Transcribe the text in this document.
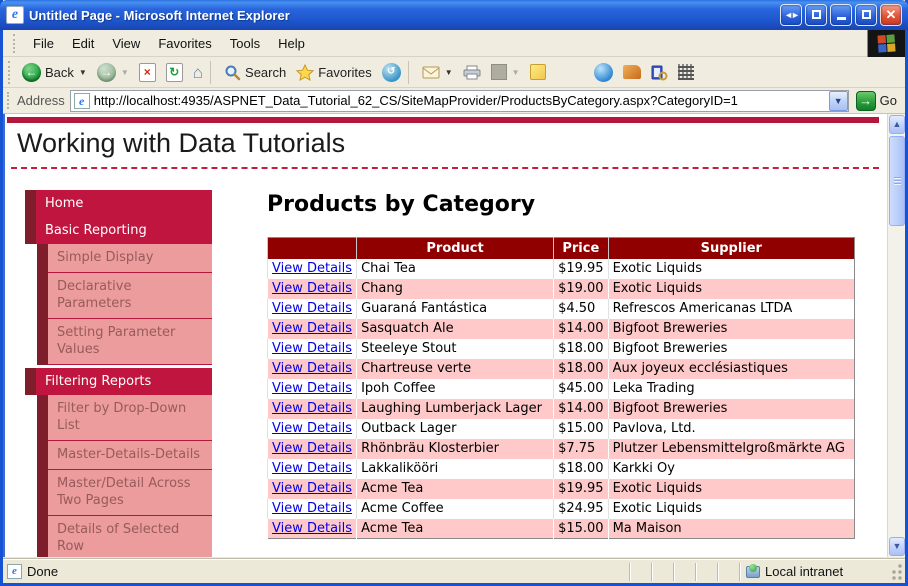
e Untitled Page - Microsoft Internet Explorer	◄►	✕
File	Edit	View	Favorites	Tools	Help
← Back ▼ →	▼	×	↻ ⌂	Search Favorites	↺	▼	▼
Address	e
http://localhost:4935/ASPNET_Data_Tutorial_62_CS/SiteMapProvider/ProductsByCategory.aspx?CategoryID=1	▼	→ Go
Working with Data Tutorials
Home
Basic Reporting
Simple Display
Declarative Parameters
Setting Parameter Values
Filtering Reports
Filter by Drop-Down List
Master-Details-Details
Master/Detail Across Two Pages
Details of Selected Row
Products by Category
	Product	Price	Supplier
View Details	Chai Tea	$19.95	Exotic Liquids
View Details	Chang	$19.00	Exotic Liquids
View Details	Guaraná Fantástica	$4.50	Refrescos Americanas LTDA
View Details	Sasquatch Ale	$14.00	Bigfoot Breweries
View Details	Steeleye Stout	$18.00	Bigfoot Breweries
View Details	Chartreuse verte	$18.00	Aux joyeux ecclésiastiques
View Details	Ipoh Coffee	$45.00	Leka Trading
View Details	Laughing Lumberjack Lager	$14.00	Bigfoot Breweries
View Details	Outback Lager	$15.00	Pavlova, Ltd.
View Details	Rhönbräu Klosterbier	$7.75	Plutzer Lebensmittelgroßmärkte AG
View Details	Lakkalikööri	$18.00	Karkki Oy
View Details	Acme Tea	$19.95	Exotic Liquids
View Details	Acme Coffee	$24.95	Exotic Liquids
View Details	Acme Tea	$15.00	Ma Maison
▲
▼
e Done	Local intranet
